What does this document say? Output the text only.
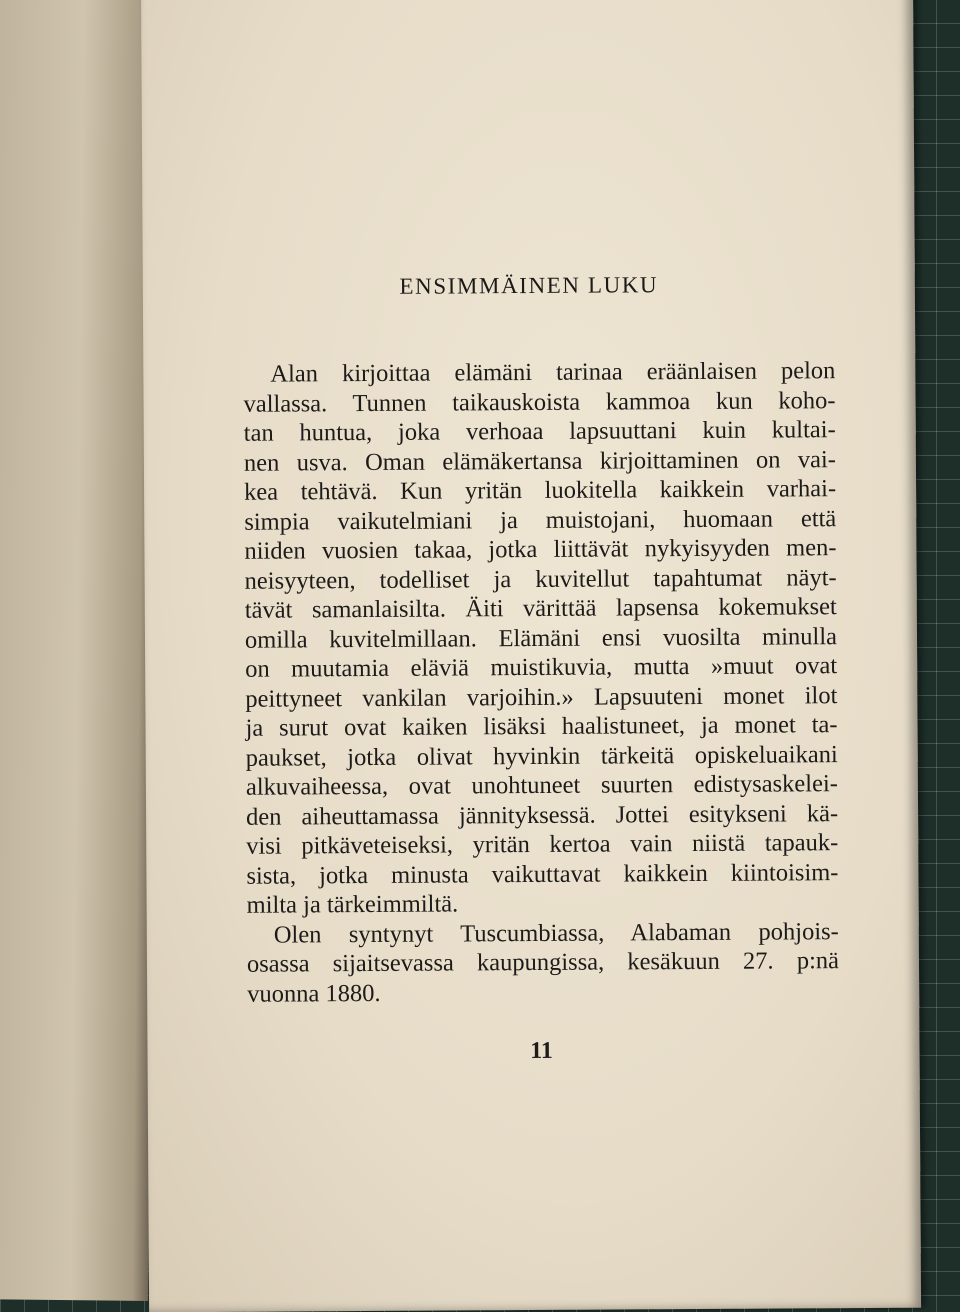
ENSIMMÄINEN LUKU
Alan kirjoittaa elämäni tarinaa eräänlaisen pelon
vallassa. Tunnen taikauskoista kammoa kun koho-
tan huntua, joka verhoaa lapsuuttani kuin kultai-
nen usva. Oman elämäkertansa kirjoittaminen on vai-
kea tehtävä. Kun yritän luokitella kaikkein varhai-
simpia vaikutelmiani ja muistojani, huomaan että
niiden vuosien takaa, jotka liittävät nykyisyyden men-
neisyyteen, todelliset ja kuvitellut tapahtumat näyt-
tävät samanlaisilta. Äiti värittää lapsensa kokemukset
omilla kuvitelmillaan. Elämäni ensi vuosilta minulla
on muutamia eläviä muistikuvia, mutta »muut ovat
peittyneet vankilan varjoihin.» Lapsuuteni monet ilot
ja surut ovat kaiken lisäksi haalistuneet, ja monet ta-
paukset, jotka olivat hyvinkin tärkeitä opiskeluaikani
alkuvaiheessa, ovat unohtuneet suurten edistysaskelei-
den aiheuttamassa jännityksessä. Jottei esitykseni kä-
visi pitkäveteiseksi, yritän kertoa vain niistä tapauk-
sista, jotka minusta vaikuttavat kaikkein kiintoisim-
milta ja tärkeimmiltä.
Olen syntynyt Tuscumbiassa, Alabaman pohjois-
osassa sijaitsevassa kaupungissa, kesäkuun 27. p:nä
vuonna 1880.
11
